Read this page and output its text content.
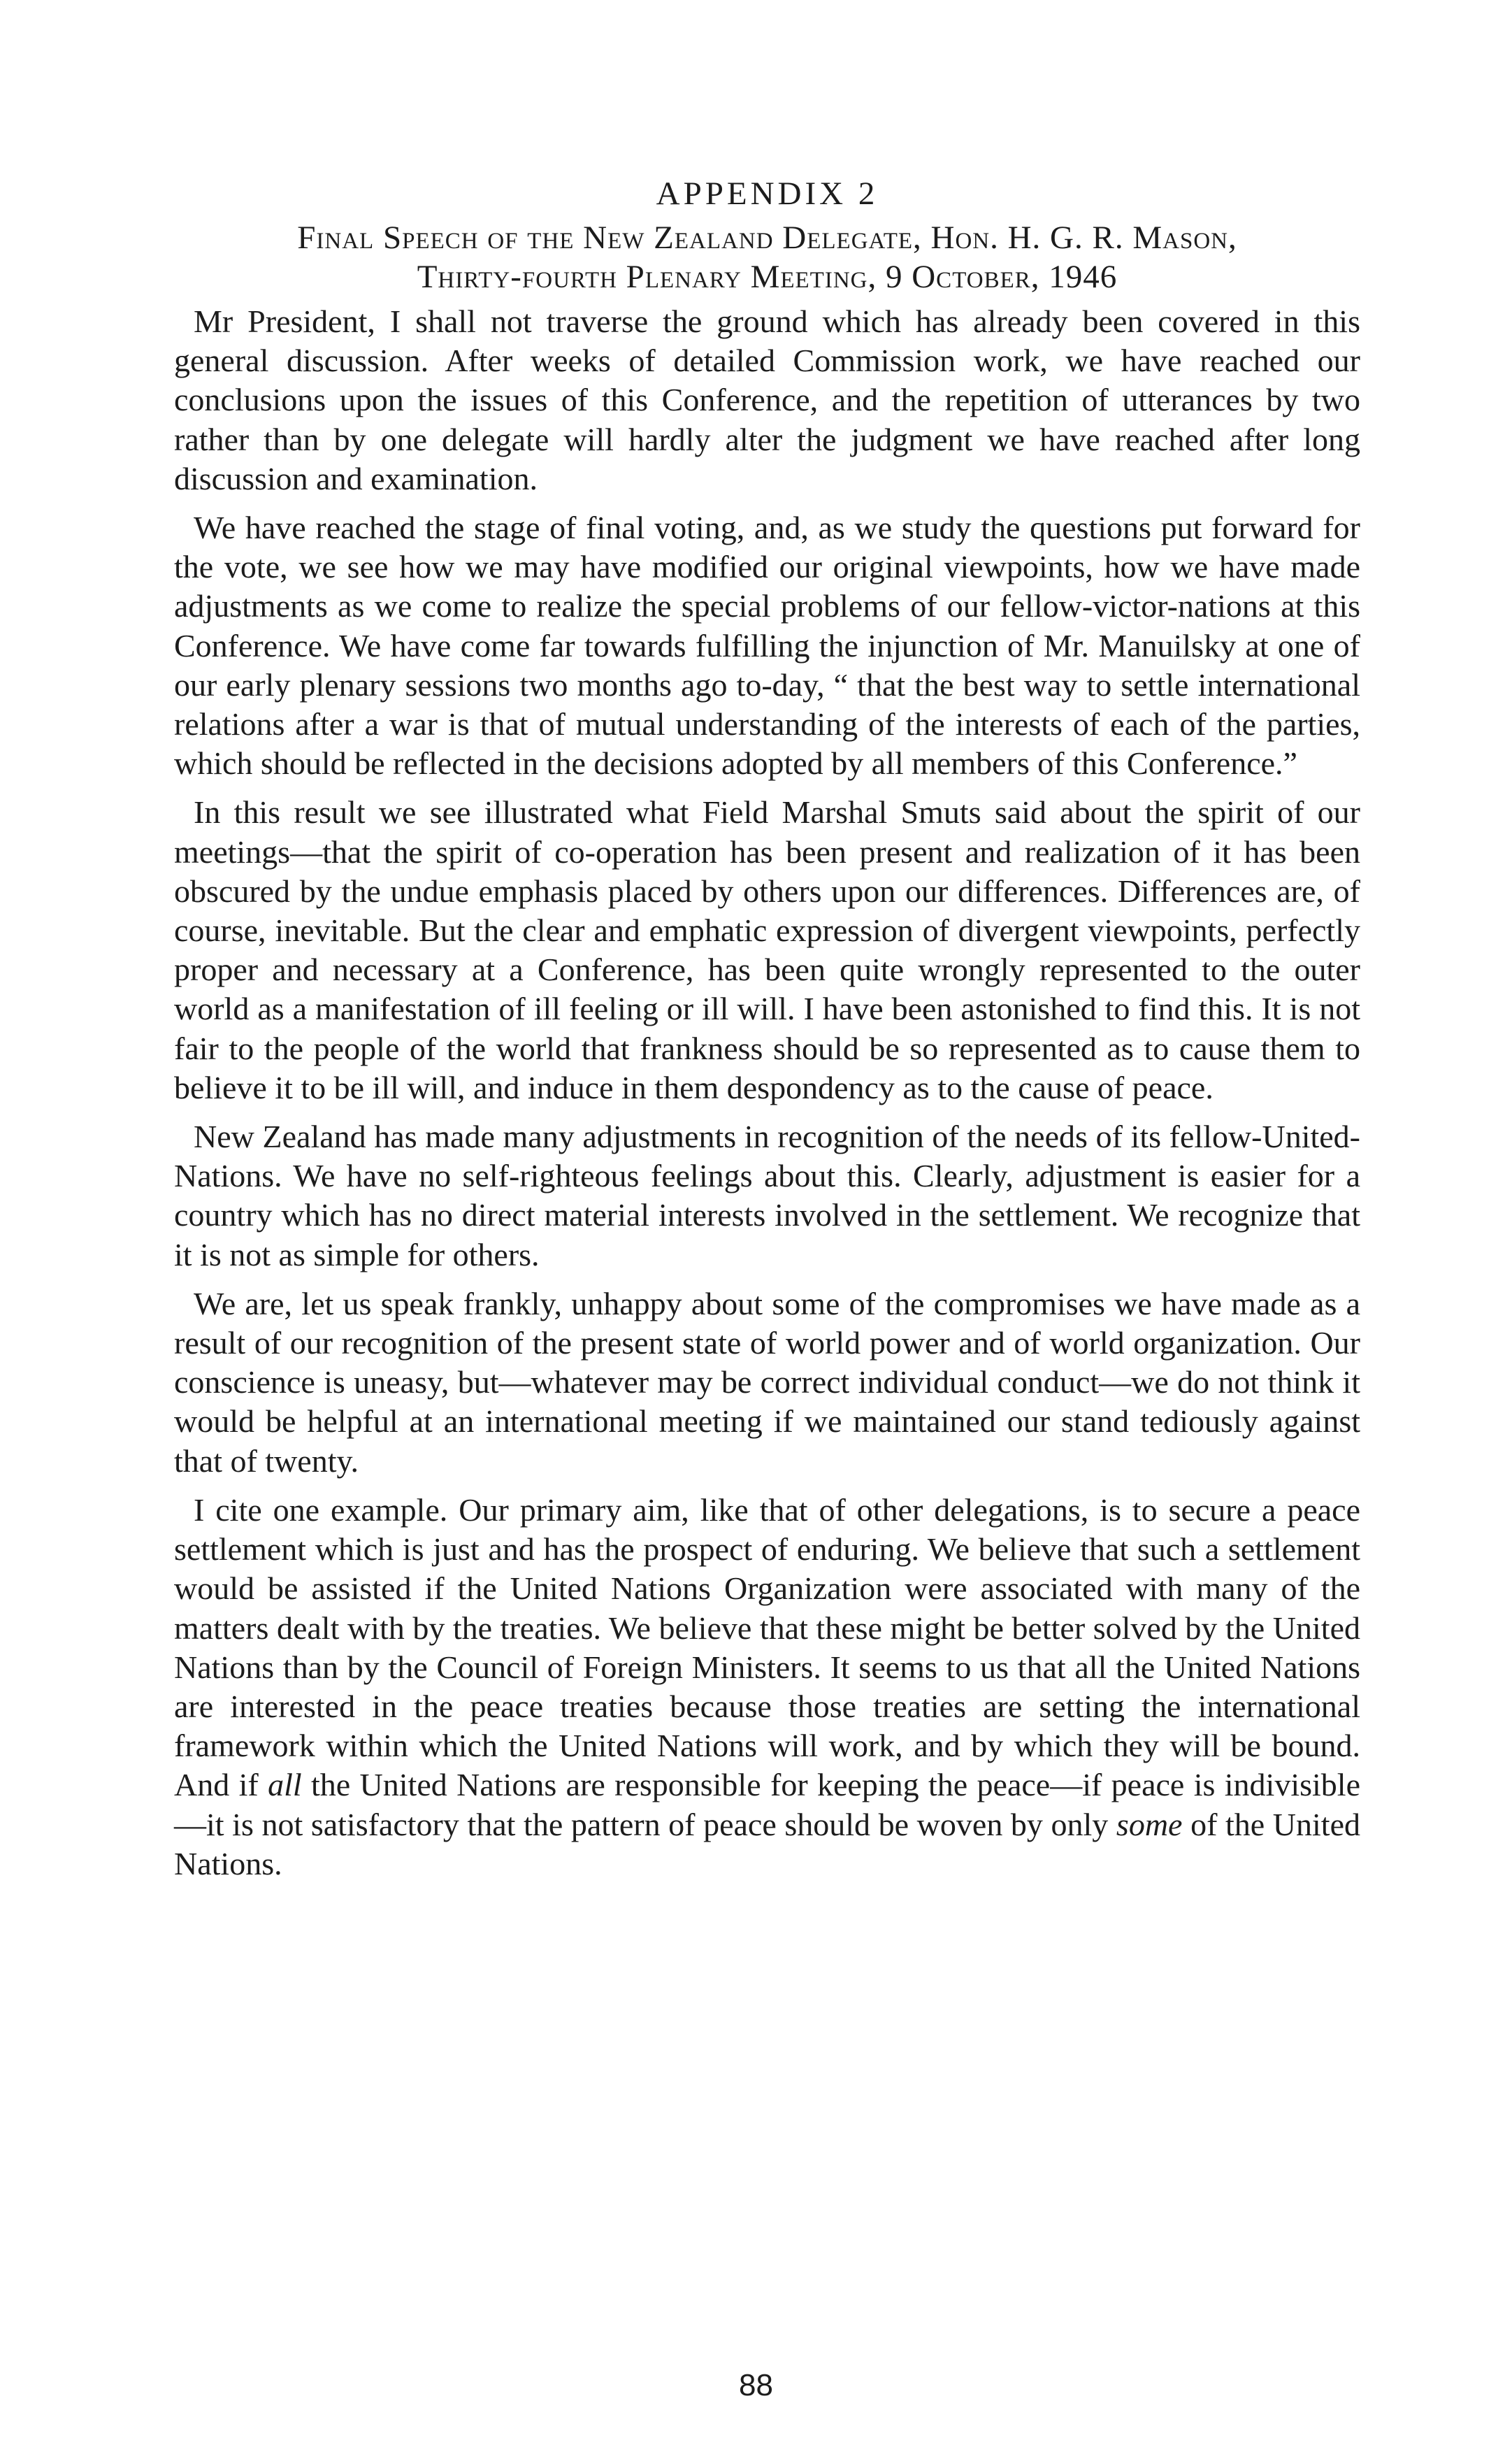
APPENDIX 2
Final Speech of the New Zealand Delegate, Hon. H. G. R. Mason,
Thirty-fourth Plenary Meeting, 9 October, 1946

Mr President, I shall not traverse the ground which has already been covered in this general discussion. After weeks of detailed Commission work, we have reached our conclusions upon the issues of this Conference, and the repetition of utterances by two rather than by one delegate will hardly alter the judgment we have reached after long discussion and examination.

We have reached the stage of final voting, and, as we study the questions put forward for the vote, we see how we may have modified our original viewpoints, how we have made adjustments as we come to realize the special problems of our fellow-victor-nations at this Conference. We have come far towards fulfilling the injunction of Mr. Manuilsky at one of our early plenary sessions two months ago to-day, “ that the best way to settle international relations after a war is that of mutual understanding of the interests of each of the parties, which should be reflected in the decisions adopted by all members of this Conference.”

In this result we see illustrated what Field Marshal Smuts said about the spirit of our meetings—that the spirit of co-operation has been present and realization of it has been obscured by the undue emphasis placed by others upon our differences. Differences are, of course, inevitable. But the clear and emphatic expression of divergent viewpoints, perfectly proper and necessary at a Conference, has been quite wrongly represented to the outer world as a manifestation of ill feeling or ill will. I have been astonished to find this. It is not fair to the people of the world that frankness should be so represented as to cause them to believe it to be ill will, and induce in them despondency as to the cause of peace.

New Zealand has made many adjustments in recognition of the needs of its fellow-United-Nations. We have no self-righteous feelings about this. Clearly, adjustment is easier for a country which has no direct material interests involved in the settlement. We recognize that it is not as simple for others.

We are, let us speak frankly, unhappy about some of the compromises we have made as a result of our recognition of the present state of world power and of world organization. Our conscience is uneasy, but—whatever may be correct individual conduct—we do not think it would be helpful at an international meeting if we maintained our stand tediously against that of twenty.

I cite one example. Our primary aim, like that of other delegations, is to secure a peace settlement which is just and has the prospect of enduring. We believe that such a settlement would be assisted if the United Nations Organization were associated with many of the matters dealt with by the treaties. We believe that these might be better solved by the United Nations than by the Council of Foreign Ministers. It seems to us that all the United Nations are interested in the peace treaties because those treaties are setting the international framework within which the United Nations will work, and by which they will be bound. And if all the United Nations are responsible for keeping the peace—if peace is indivisible—it is not satisfactory that the pattern of peace should be woven by only some of the United Nations.

88
